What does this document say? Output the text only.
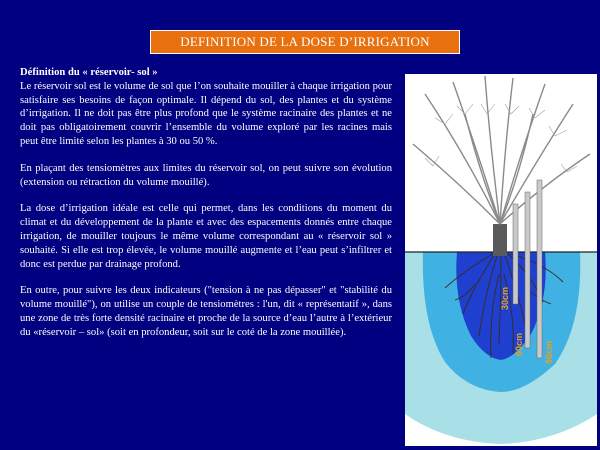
DEFINITION DE LA DOSE D’IRRIGATION

Définition du « réservoir- sol »
Le réservoir sol est le volume de sol que l’on souhaite mouiller à chaque irrigation pour satisfaire ses besoins de façon optimale. Il dépend du sol, des plantes et du système d’irrigation. Il ne doit pas être plus profond que le système racinaire des plantes et ne doit pas obligatoirement couvrir l’ensemble du volume exploré par les racines mais peut être limité selon les plantes à 30 ou 50 %.

En plaçant des tensiomètres aux limites du réservoir sol, on peut suivre son évolution (extension ou rétraction du volume mouillé).

La dose d’irrigation idéale est celle qui permet, dans les conditions du moment du climat et du développement de la plante et avec des espacements donnés entre chaque irrigation, de mouiller toujours le même volume correspondant au « réservoir sol » souhaité. Si elle est trop élevée, le volume mouillé augmente et l’eau peut s’infiltrer et donc est perdue par drainage profond.

En outre, pour suivre les deux indicateurs ("tension à ne pas dépasser" et "stabilité du volume mouillé"), on utilise un couple de tensiomètres : l'un, dit « représentatif », dans une zone de très forte densité racinaire et proche de la source d’eau l’autre à l’extérieur du «réservoir – sol» (soit en profondeur, soit sur le coté de la zone mouillée).

30cm
60cm 90cm
